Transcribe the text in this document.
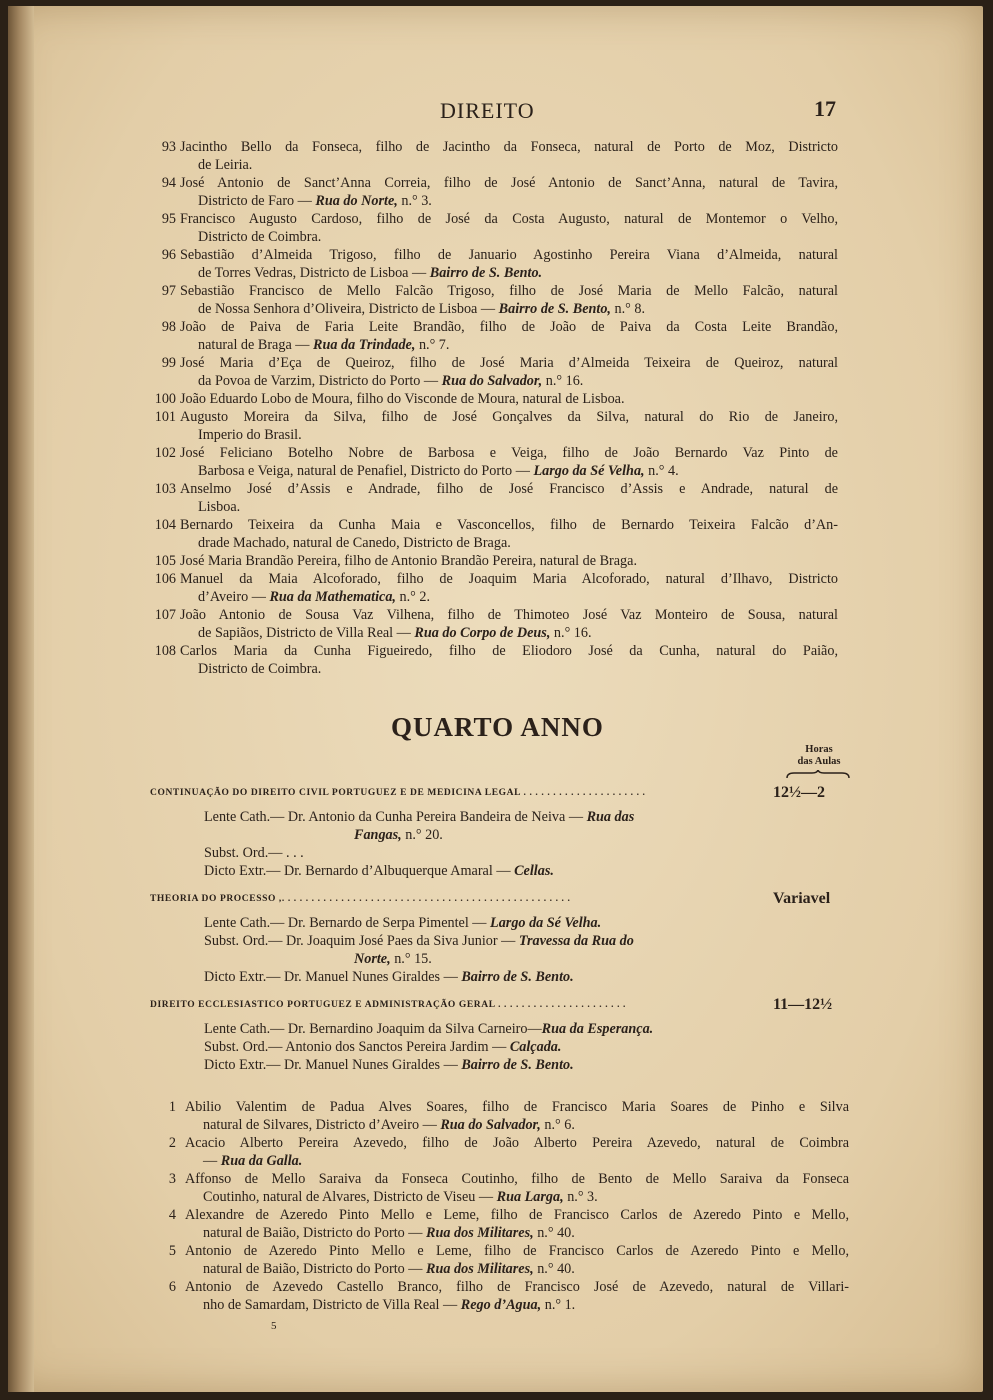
DIREITO	17
93 Jacintho Bello da Fonseca, filho de Jacintho da Fonseca, natural de Porto de Moz, Districto
de Leiria.
94 José Antonio de Sanct’Anna Correia, filho de José Antonio de Sanct’Anna, natural de Tavira,
Districto de Faro — Rua do Norte, n.° 3.
95 Francisco Augusto Cardoso, filho de José da Costa Augusto, natural de Montemor o Velho,
Districto de Coimbra.
96 Sebastião d’Almeida Trigoso, filho de Januario Agostinho Pereira Viana d’Almeida, natural
de Torres Vedras, Districto de Lisboa — Bairro de S. Bento.
97 Sebastião Francisco de Mello Falcão Trigoso, filho de José Maria de Mello Falcão, natural
de Nossa Senhora d’Oliveira, Districto de Lisboa — Bairro de S. Bento, n.° 8.
98 João de Paiva de Faria Leite Brandão, filho de João de Paiva da Costa Leite Brandão,
natural de Braga — Rua da Trindade, n.° 7.
99 José Maria d’Eça de Queiroz, filho de José Maria d’Almeida Teixeira de Queiroz, natural
da Povoa de Varzim, Districto do Porto — Rua do Salvador, n.° 16.
100 João Eduardo Lobo de Moura, filho do Visconde de Moura, natural de Lisboa.
101 Augusto Moreira da Silva, filho de José Gonçalves da Silva, natural do Rio de Janeiro,
Imperio do Brasil.
102 José Feliciano Botelho Nobre de Barbosa e Veiga, filho de João Bernardo Vaz Pinto de
Barbosa e Veiga, natural de Penafiel, Districto do Porto — Largo da Sé Velha, n.° 4.
103 Anselmo José d’Assis e Andrade, filho de José Francisco d’Assis e Andrade, natural de
Lisboa.
104 Bernardo Teixeira da Cunha Maia e Vasconcellos, filho de Bernardo Teixeira Falcão d’An-
drade Machado, natural de Canedo, Districto de Braga.
105 José Maria Brandão Pereira, filho de Antonio Brandão Pereira, natural de Braga.
106 Manuel da Maia Alcoforado, filho de Joaquim Maria Alcoforado, natural d’Ilhavo, Districto
d’Aveiro — Rua da Mathematica, n.° 2.
107 João Antonio de Sousa Vaz Vilhena, filho de Thimoteo José Vaz Monteiro de Sousa, natural
de Sapiãos, Districto de Villa Real — Rua do Corpo de Deus, n.° 16.
108 Carlos Maria da Cunha Figueiredo, filho de Eliodoro José da Cunha, natural do Paião,
Districto de Coimbra.
QUARTO ANNO
Horas
das Aulas
CONTINUAÇÃO DO DIREITO CIVIL PORTUGUEZ E DE MEDICINA LEGAL . . . . . . . . . . . . . . . . . . . . .	12½—2
Lente Cath.— Dr. Antonio da Cunha Pereira Bandeira de Neiva — Rua das
Fangas, n.° 20.
Subst. Ord.— . . .
Dicto Extr.— Dr. Bernardo d’Albuquerque Amaral — Cellas.
THEORIA DO PROCESSO ,. . . . . . . . . . . . . . . . . . . . . . . . . . . . . . . . . . . . . . . . . . . . . . . . .	Variavel
Lente Cath.— Dr. Bernardo de Serpa Pimentel — Largo da Sé Velha.
Subst. Ord.— Dr. Joaquim José Paes da Siva Junior — Travessa da Rua do
Norte, n.° 15.
Dicto Extr.— Dr. Manuel Nunes Giraldes — Bairro de S. Bento.
DIREITO ECCLESIASTICO PORTUGUEZ E ADMINISTRAÇÃO GERAL . . . . . . . . . . . . . . . . . . . . . .	11—12½
Lente Cath.— Dr. Bernardino Joaquim da Silva Carneiro—Rua da Esperança.
Subst. Ord.— Antonio dos Sanctos Pereira Jardim — Calçada.
Dicto Extr.— Dr. Manuel Nunes Giraldes — Bairro de S. Bento.
1 Abilio Valentim de Padua Alves Soares, filho de Francisco Maria Soares de Pinho e Silva
natural de Silvares, Districto d’Aveiro — Rua do Salvador, n.° 6.
2 Acacio Alberto Pereira Azevedo, filho de João Alberto Pereira Azevedo, natural de Coimbra
— Rua da Galla.
3 Affonso de Mello Saraiva da Fonseca Coutinho, filho de Bento de Mello Saraiva da Fonseca
Coutinho, natural de Alvares, Districto de Viseu — Rua Larga, n.° 3.
4 Alexandre de Azeredo Pinto Mello e Leme, filho de Francisco Carlos de Azeredo Pinto e Mello,
natural de Baião, Districto do Porto — Rua dos Militares, n.° 40.
5 Antonio de Azeredo Pinto Mello e Leme, filho de Francisco Carlos de Azeredo Pinto e Mello,
natural de Baião, Districto do Porto — Rua dos Militares, n.° 40.
6 Antonio de Azevedo Castello Branco, filho de Francisco José de Azevedo, natural de Villari-
nho de Samardam, Districto de Villa Real — Rego d’Agua, n.° 1.
5
